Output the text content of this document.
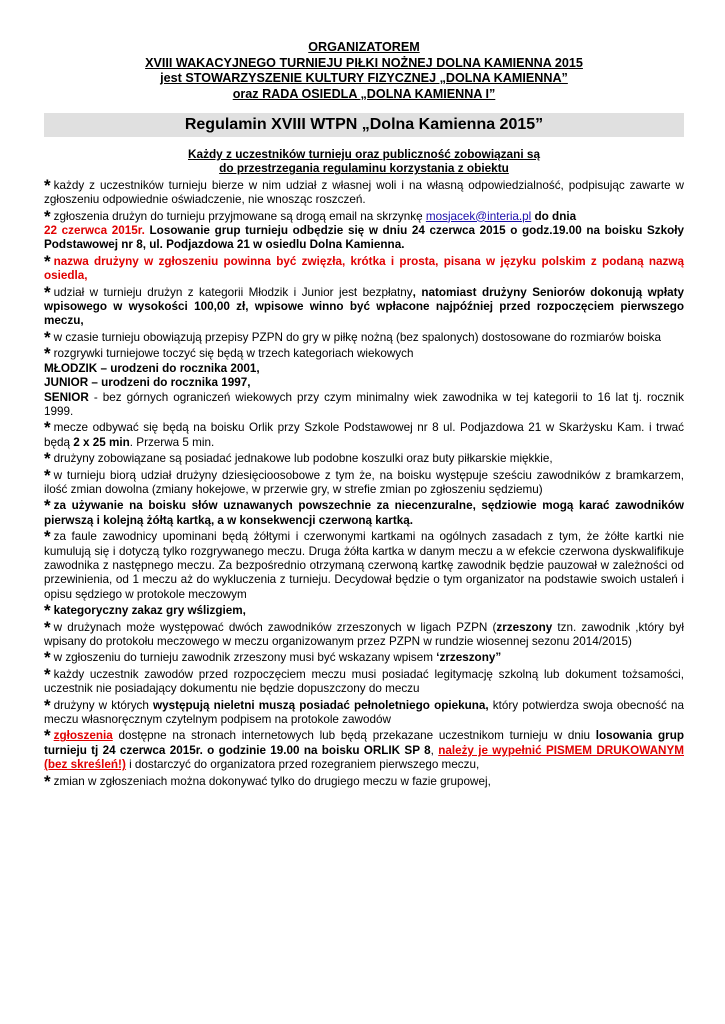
ORGANIZATOREM

XVIII WAKACYJNEGO TURNIEJU PIŁKI NOŻNEJ DOLNA KAMIENNA 2015

jest STOWARZYSZENIE KULTURY FIZYCZNEJ „DOLNA KAMIENNA”

oraz RADA OSIEDLA „DOLNA KAMIENNA I”

Regulamin XVIII WTPN „Dolna Kamienna 2015”

Każdy z uczestników turnieju oraz publiczność zobowiązani są

do przestrzegania regulaminu korzystania z obiektu

* każdy z uczestników turnieju bierze w nim udział z własnej woli i na własną odpowiedzialność, podpisując zawarte w zgłoszeniu odpowiednie oświadczenie, nie wnosząc roszczeń.
* zgłoszenia drużyn do turnieju przyjmowane są drogą email na skrzynkę mosjacek@interia.pl do dnia
22 czerwca 2015r. Losowanie grup turnieju odbędzie się w dniu 24 czerwca 2015 o godz.19.00 na boisku Szkoły Podstawowej nr 8, ul. Podjazdowa 21 w osiedlu Dolna Kamienna.
* nazwa drużyny w zgłoszeniu powinna być zwięzła, krótka i prosta, pisana w języku polskim z podaną nazwą osiedla,
* udział w turnieju drużyn z kategorii Młodzik i Junior jest bezpłatny, natomiast drużyny Seniorów dokonują wpłaty wpisowego w wysokości 100,00 zł, wpisowe winno być wpłacone najpóźniej przed rozpoczęciem pierwszego meczu,
* w czasie turnieju obowiązują przepisy PZPN do gry w piłkę nożną (bez spalonych) dostosowane do rozmiarów boiska
* rozgrywki turniejowe toczyć się będą w trzech kategoriach wiekowych
MŁODZIK – urodzeni do rocznika 2001,
JUNIOR – urodzeni do rocznika 1997,
SENIOR - bez górnych ograniczeń wiekowych przy czym minimalny wiek zawodnika w tej kategorii to 16 lat tj. rocznik 1999.
* mecze odbywać się będą na boisku Orlik przy Szkole Podstawowej nr 8 ul. Podjazdowa 21 w Skarżysku Kam. i trwać będą 2 x 25 min. Przerwa 5 min.
* drużyny zobowiązane są posiadać jednakowe lub podobne koszulki oraz buty piłkarskie miękkie,
* w turnieju biorą udział drużyny dziesięcioosobowe z tym że, na boisku występuje sześciu zawodników z bramkarzem, ilość zmian dowolna (zmiany hokejowe, w przerwie gry, w strefie zmian po zgłoszeniu sędziemu)
* za używanie na boisku słów uznawanych powszechnie za niecenzuralne, sędziowie mogą karać zawodników pierwszą i kolejną żółtą kartką, a w konsekwencji czerwoną kartką.
* za faule zawodnicy upominani będą żółtymi i czerwonymi kartkami na ogólnych zasadach z tym, że żółte kartki nie kumulują się i dotyczą tylko rozgrywanego meczu. Druga żółta kartka w danym meczu a w efekcie czerwona dyskwalifikuje zawodnika z następnego meczu. Za bezpośrednio otrzymaną czerwoną kartkę zawodnik będzie pauzował w zależności od przewinienia, od 1 meczu aż do wykluczenia z turnieju. Decydował będzie o tym organizator na podstawie swoich ustaleń i opisu sędziego w protokole meczowym
* kategoryczny zakaz gry wślizgiem,
* w drużynach może występować dwóch zawodników zrzeszonych w ligach PZPN (zrzeszony tzn. zawodnik ,który był wpisany do protokołu meczowego w meczu organizowanym przez PZPN w rundzie wiosennej sezonu 2014/2015)
* w zgłoszeniu do turnieju zawodnik zrzeszony musi być wskazany wpisem ‘zrzeszony”
* każdy uczestnik zawodów przed rozpoczęciem meczu musi posiadać legitymację szkolną lub dokument tożsamości, uczestnik nie posiadający dokumentu nie będzie dopuszczony do meczu
* drużyny w których występują nieletni muszą posiadać pełnoletniego opiekuna, który potwierdza swoja obecność na meczu własnoręcznym czytelnym podpisem na protokole zawodów
* zgłoszenia dostępne na stronach internetowych lub będą przekazane uczestnikom turnieju w dniu losowania grup turnieju tj 24 czerwca 2015r. o godzinie 19.00 na boisku ORLIK SP 8, należy je wypełnić PISMEM DRUKOWANYM (bez skreśleń!) i dostarczyć do organizatora przed rozegraniem pierwszego meczu,
* zmian w zgłoszeniach można dokonywać tylko do drugiego meczu w fazie grupowej,
